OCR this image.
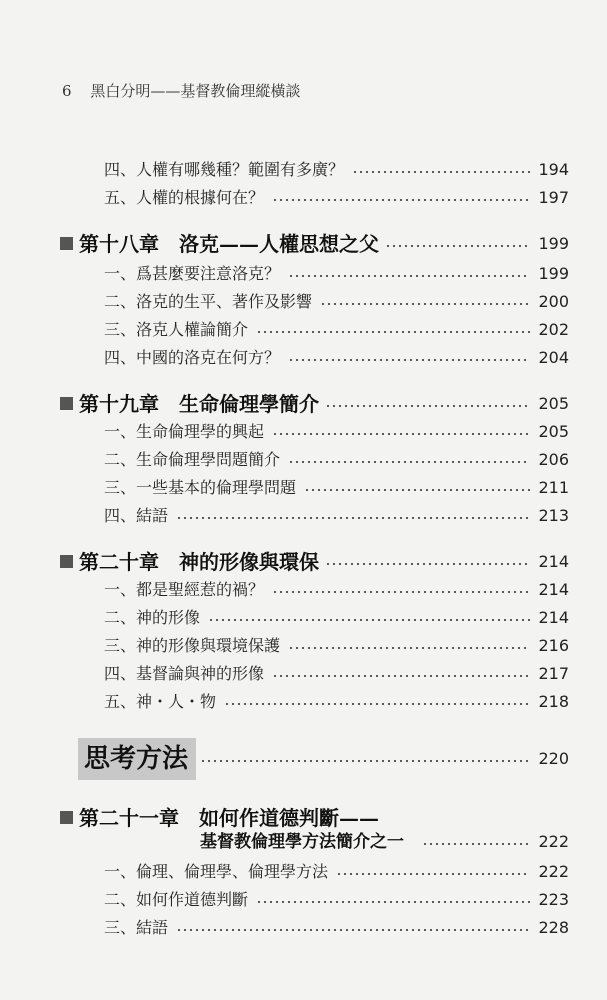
6 黑白分明——基督教倫理縱橫談
四、人權有哪幾種？範圍有多廣？	194
五、人權的根據何在？	197
第十八章　洛克——人權思想之父	199
一、爲甚麼要注意洛克？	199
二、洛克的生平、著作及影響	200
三、洛克人權論簡介	202
四、中國的洛克在何方？	204
第十九章　生命倫理學簡介	205
一、生命倫理學的興起	205
二、生命倫理學問題簡介	206
三、一些基本的倫理學問題	211
四、結語	213
第二十章　神的形像與環保	214
一、都是聖經惹的禍？	214
二、神的形像	214
三、神的形像與環境保護	216
四、基督論與神的形像	217
五、神・人・物	218
思考方法	220
第二十一章　如何作道德判斷——
基督教倫理學方法簡介之一	222
一、倫理、倫理學、倫理學方法	222
二、如何作道德判斷	223
三、結語	228
